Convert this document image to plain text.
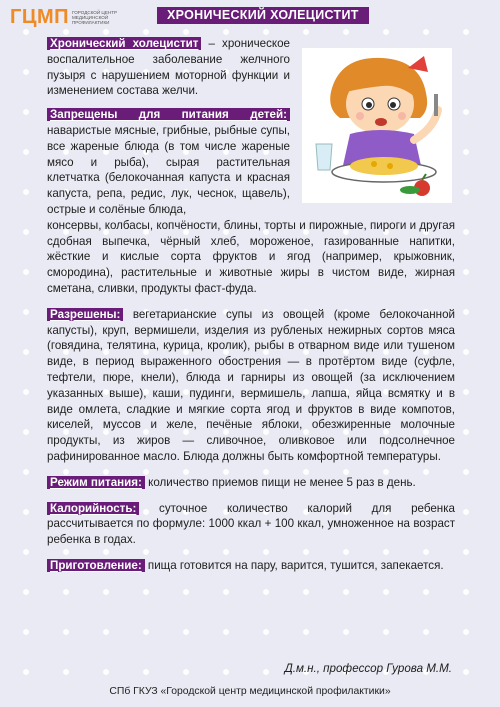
ГЦМП ГОРОДСКОЙ ЦЕНТР МЕДИЦИНСКОЙ ПРОФИЛАКТИКИ
ХРОНИЧЕСКИЙ ХОЛЕЦИСТИТ

Хронический холецистит – хроническое воспалительное заболевание желчного пузыря с нарушением моторной функции и изменением состава желчи.

Запрещены для питания детей: наваристые мясные, грибные, рыбные супы, все жареные блюда (в том числе жареные мясо и рыба), сырая растительная клетчатка (белокочанная капуста и красная капуста, репа, редис, лук, чеснок, щавель), острые и солёные блюда,

консервы, колбасы, копчёности, блины, торты и пирожные, пироги и другая сдобная выпечка, чёрный хлеб, мороженое, газированные напитки, жёсткие и кислые сорта фруктов и ягод (например, крыжовник, смородина), растительные и животные жиры в чистом виде, жирная сметана, сливки, продукты фаст-фуда.

Разрешены: вегетарианские супы из овощей (кроме белокочанной капусты), круп, вермишели, изделия из рубленых нежирных сортов мяса (говядина, телятина, курица, кролик), рыбы в отварном виде или тушеном виде, в период выраженного обострения — в протёртом виде (суфле, тефтели, пюре, кнели), блюда и гарниры из овощей (за исключением указанных выше), каши, пудинги, вермишель, лапша, яйца всмятку и в виде омлета, сладкие и мягкие сорта ягод и фруктов в виде компотов, киселей, муссов и желе, печёные яблоки, обезжиренные молочные продукты, из жиров — сливочное, оливковое или подсолнечное рафинированное масло. Блюда должны быть комфортной температуры.

Режим питания: количество приемов пищи не менее 5 раз в день.

Калорийность: суточное количество калорий для ребенка рассчитывается по формуле: 1000 ккал + 100 ккал, умноженное на возраст ребенка в годах.

Приготовление: пища готовится на пару, варится, тушится, запекается.

Д.м.н., профессор Гурова М.М.
СПб ГКУЗ «Городской центр медицинской профилактики»
